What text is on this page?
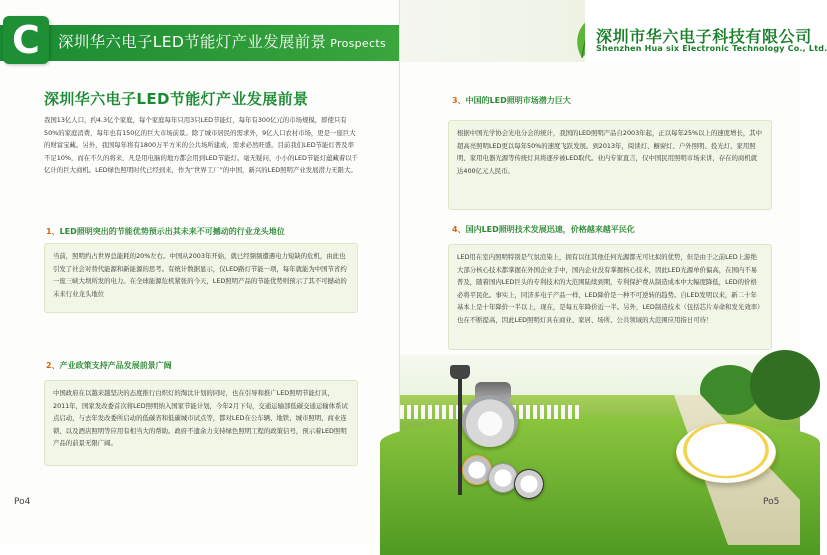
C	深圳华六电子LED节能灯产业发展前景 Prospects
深圳华六电子LED节能灯产业发展前景
我国13亿人口，约4.3亿个家庭，每个家庭每年只用3只LED节能灯，每年有300亿元的市场规模，即使只有50%的家庭消费，每年也有150亿的巨大市场前景。除了城市居民的需求外，9亿人口农村市场，更是一座巨大的财富宝藏。另外，我国每年将有1800万平方米的公共场所建成，需求必然旺盛。目前我们LED节能灯普及率不足10%，而在不久的将来，凡是用电脑的地方都会用到LED节能灯。毫无疑问，小小的LED节能灯蕴藏着以千亿计的巨大商机。LED绿色照明时代已经到来，作为“世界工厂”的中国，新兴的LED照明产业发展潜力无限大。
1、LED照明突出的节能优势预示出其未来不可撼动的行业龙头地位
当前，照明约占世界总能耗的20%左右。中国从2003年开始，就已经频频遭遇电力短缺的危机，由此也引发了社会对替代能源和新能源的思考。有统计数据显示，仅LED路灯节能一项，每年就能为中国节省约一座三峡大坝所发的电力。在全球能源危机紧张的今天，LED照明产品的节能优势则预示了其不可撼动的未来行业龙头地位
2、产业政策支持产品发展前景广阔
中国政府在以越来越坚决的态度推行白炽灯的淘汰计划的同时，也在引导和推广LED照明节能灯具，2011年，国家发改委首次将LED照明纳入国家节能计划，今年2月下旬，交通运输部低碳交通运输体系试点启动，与去年发改委所启动的低碳省和低碳城市试点等，都对LED在公车辆、地铁、城市照明、商业连锁、以及酒店照明等应用有相当大的帮助。政府不遗余力支持绿色照明工程的政策信号，预示着LED照明产品的前景无限广阔。
Po4
深圳市华六电子科技有限公司
Shenzhen Hua six Electronic Technology Co., Ltd.
3、中国的LED照明市场潜力巨大
根据中国光学协会光电分会的统计，我国的LED照明产品自2003年起，正以每年25%以上的速度增长，其中超高亮照明LED更以每年50%的速度飞跃发展。到2013年，阅读灯、橱窗灯、户外照明、投光灯、家用照明、家用电器光源等传统灯具将逐步被LED取代。业内专家直言，仅中国民用照明市场来讲，存在的商机就达400亿元人民币。
4、国内LED照明技术发展迅速，价格越来越平民化
LED用在室内照明特别是气氛渲染上，拥有以往其他任何光源都无可比拟的优势，但是由于之前LED上游绝大部分核心技术都掌握在外国企业手中，国内企业没有掌握核心技术，因此LED光源单价偏高，在国内不易普及，随着国内LED巨头的专利技术的大范围陆续到期，专利保护费从制造成本中大幅度降低，LED的价格必将平民化。事实上，同济多电子产品一样，LED降价是一种不可逆转的趋势。自LED发明以来，新二十年基本上是十年降价一半以上，现在，是每五年降价近一半。另外，LED制造技术（包括芯片寿命和发光效率）也在不断提高，因此LED照明灯具在商业、家居、场所、公共领域的大范围应用指日可待！
Po5
